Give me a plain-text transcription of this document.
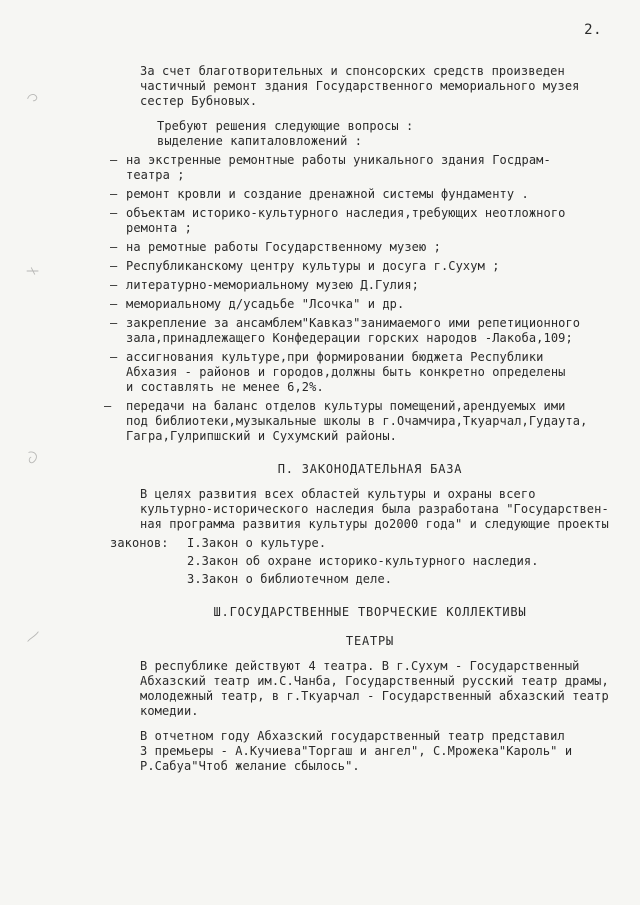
2.
За счет благотворительных и спонсорских средств произведен
частичный ремонт здания Государственного мемориального музея
сестер Бубновых.
Требуют решения следующие вопросы :
выделение капиталовложений :
— на экстренные ремонтные работы уникального здания Госдрам-
театра ;
— ремонт кровли и создание дренажной системы фундаменту .
— объектам историко-культурного наследия,требующих неотложного
ремонта ;
— на ремотные работы Государственному музею ;
— Республиканскому центру культуры и досуга г.Сухум ;
— литературно-мемориальному музею Д.Гулия;
— мемориальному д/усадьбе "Лсочка" и др.
— закрепление за ансамблем"Кавказ"занимаемого ими репетиционного
зала,принадлежащего Конфедерации горских народов -Лакоба,109;
— ассигнования культуре,при формировании бюджета Республики
Абхазия - районов и городов,должны быть конкретно определены
и составлять не менее 6,2%.
— передачи на баланс отделов культуры помещений,арендуемых ими
под библиотеки,музыкальные школы в г.Очамчира,Ткуарчал,Гудаута,
Гагра,Гулрипшский и Сухумский районы.
П. ЗАКОНОДАТЕЛЬНАЯ БАЗА
В целях развития всех областей культуры и охраны всего
культурно-исторического наследия была разработана "Государствен-
ная программа развития культуры до2000 года" и следующие проекты
законов:	I.Закон о культуре.
2.Закон об охране историко-культурного наследия.
3.Закон о библиотечном деле.
Ш.ГОСУДАРСТВЕННЫЕ ТВОРЧЕСКИЕ КОЛЛЕКТИВЫ
ТЕАТРЫ
В республике действуют 4 театра. В г.Сухум - Государственный
Абхазский театр им.С.Чанба, Государственный русский театр драмы,
молодежный театр, в г.Ткуарчал - Государственный абхазский театр
комедии.
В отчетном году Абхазский государственный театр представил
3 премьеры - А.Кучиева"Торгаш и ангел", С.Мрожека"Кароль" и
Р.Сабуа"Чтоб желание сбылось".
